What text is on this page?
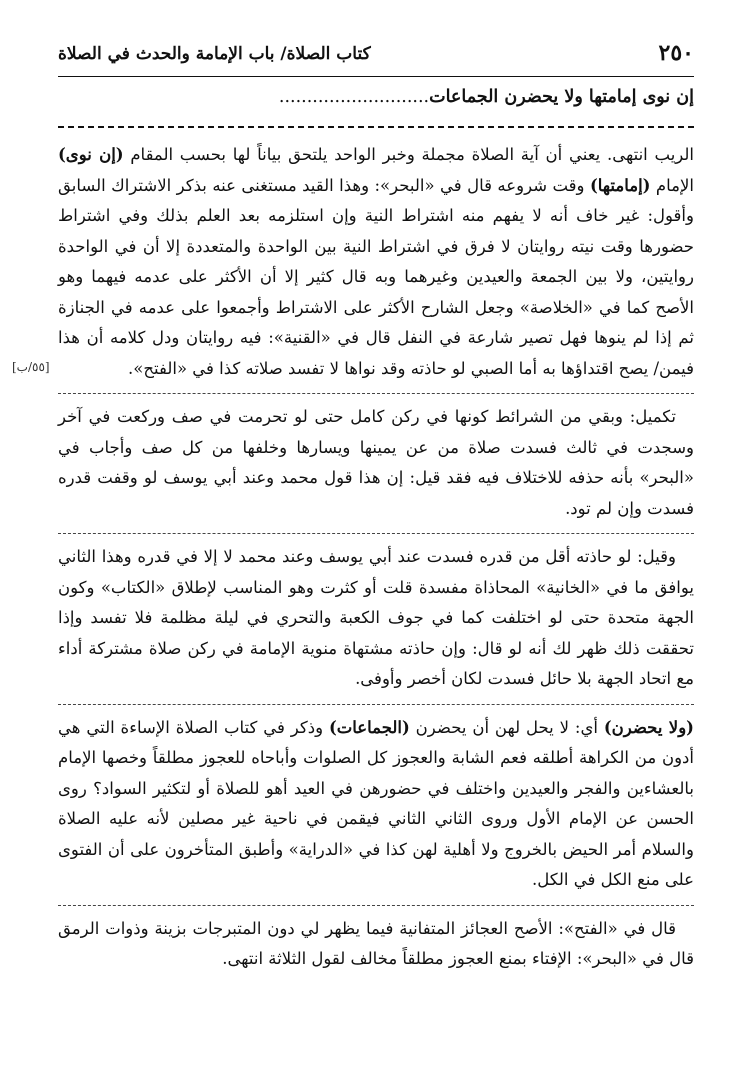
٢٥٠
كتاب الصلاة/ باب الإمامة والحدث في الصلاة
إن نوى إمامتها ولا يحضرن الجماعات...........................
[٥٥/ب]

الريب انتهى. يعني أن آية الصلاة مجملة وخبر الواحد يلتحق بياناً لها بحسب المقام (إن نوى) الإمام (إمامتها) وقت شروعه قال في «البحر»: وهذا القيد مستغنى عنه بذكر الاشتراك السابق وأقول: غير خاف أنه لا يفهم منه اشتراط النية وإن استلزمه بعد العلم بذلك وفي اشتراط حضورها وقت نيته روايتان لا فرق في اشتراط النية بين الواحدة والمتعددة إلا أن في الواحدة روايتين، ولا بين الجمعة والعيدين وغيرهما وبه قال كثير إلا أن الأكثر على عدمه فيهما وهو الأصح كما في «الخلاصة» وجعل الشارح الأكثر على الاشتراط وأجمعوا على عدمه في الجنازة ثم إذا لم ينوها فهل تصير شارعة في النفل قال في «القنية»: فيه روايتان ودل كلامه أن هذا فيمن/ يصح اقتداؤها به أما الصبي لو حاذته وقد نواها لا تفسد صلاته كذا في «الفتح».

تكميل: وبقي من الشرائط كونها في ركن كامل حتى لو تحرمت في صف وركعت في آخر وسجدت في ثالث فسدت صلاة من عن يمينها ويسارها وخلفها من كل صف وأجاب في «البحر» بأنه حذفه للاختلاف فيه فقد قيل: إن هذا قول محمد وعند أبي يوسف لو وقفت قدره فسدت وإن لم تود.

وقيل: لو حاذته أقل من قدره فسدت عند أبي يوسف وعند محمد لا إلا في قدره وهذا الثاني يوافق ما في «الخانية» المحاذاة مفسدة قلت أو كثرت وهو المناسب لإطلاق «الكتاب» وكون الجهة متحدة حتى لو اختلفت كما في جوف الكعبة والتحري في ليلة مظلمة فلا تفسد وإذا تحققت ذلك ظهر لك أنه لو قال: وإن حاذته مشتهاة منوية الإمامة في ركن صلاة مشتركة أداء مع اتحاد الجهة بلا حائل فسدت لكان أخصر وأوفى.

(ولا يحضرن) أي: لا يحل لهن أن يحضرن (الجماعات) وذكر في كتاب الصلاة الإساءة التي هي أدون من الكراهة أطلقه فعم الشابة والعجوز كل الصلوات وأباحاه للعجوز مطلقاً وخصها الإمام بالعشاءين والفجر والعيدين واختلف في حضورهن في العيد أهو للصلاة أو لتكثير السواد؟ روى الحسن عن الإمام الأول وروى الثاني الثاني فيقمن في ناحية غير مصلين لأنه عليه الصلاة والسلام أمر الحيض بالخروج ولا أهلية لهن كذا في «الدراية» وأطبق المتأخرون على أن الفتوى على منع الكل في الكل.

قال في «الفتح»: الأصح العجائز المتفانية فيما يظهر لي دون المتبرجات بزينة وذوات الرمق قال في «البحر»: الإفتاء بمنع العجوز مطلقاً مخالف لقول الثلاثة انتهى.
